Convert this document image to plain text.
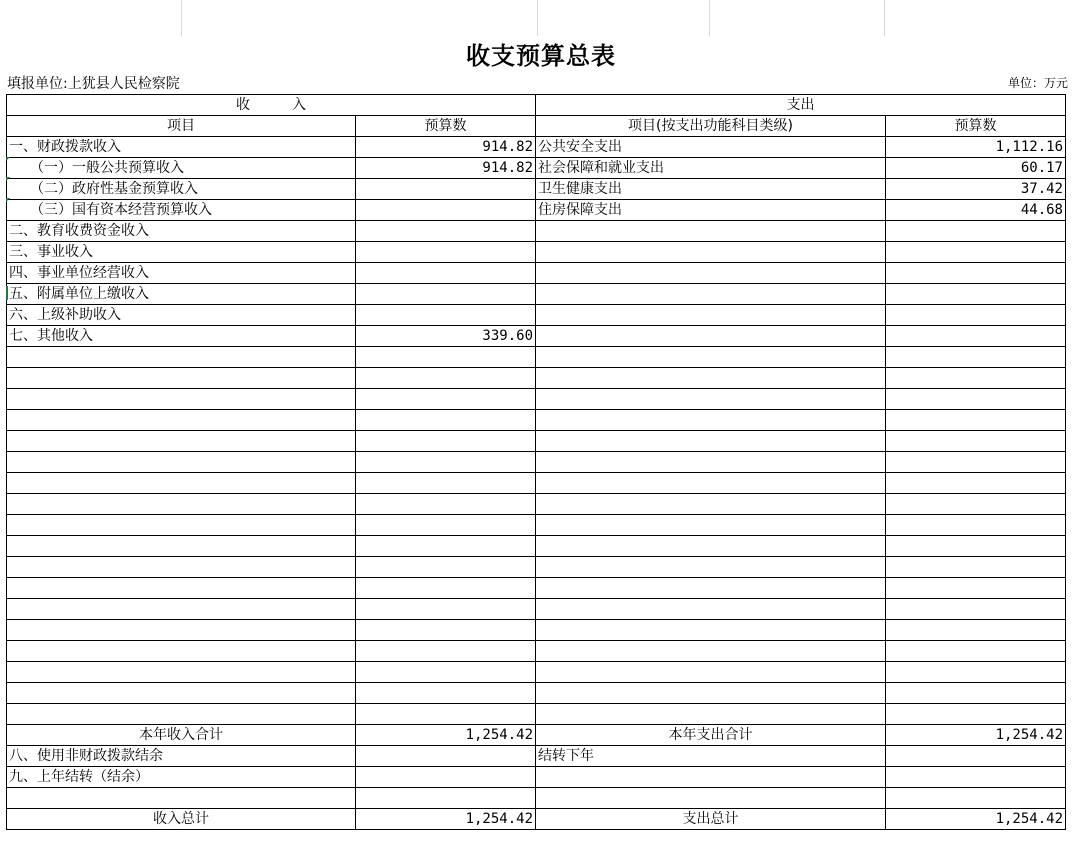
收支预算总表
填报单位:上犹县人民检察院	单位：万元
收　　　入		支出	
项目	预算数	项目(按支出功能科目类级)	预算数
一、财政拨款收入	914.82	公共安全支出	1,112.16
　　（一）一般公共预算收入	914.82	社会保障和就业支出	60.17
　　（二）政府性基金预算收入		卫生健康支出	37.42
　　（三）国有资本经营预算收入		住房保障支出	44.68
二、教育收费资金收入			
三、事业收入			
四、事业单位经营收入			
五、附属单位上缴收入			
六、上级补助收入			
七、其他收入	339.60		

本年收入合计	1,254.42	本年支出合计	1,254.42
八、使用非财政拨款结余		结转下年	
九、上年结转（结余）			

收入总计	1,254.42	支出总计	1,254.42
